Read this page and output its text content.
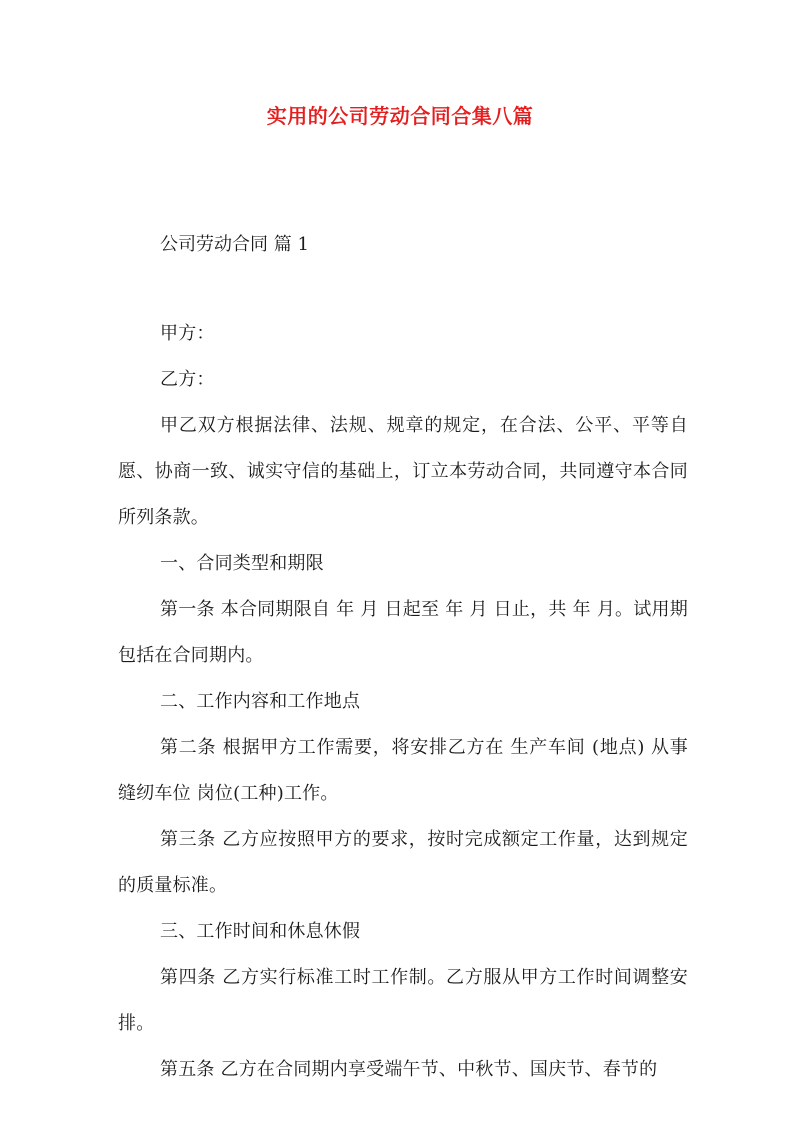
实用的公司劳动合同合集八篇
公司劳动合同 篇 1

甲方：

乙方：

甲乙双方根据法律、法规、规章的规定，在合法、公平、平等自愿、协商一致、诚实守信的基础上，订立本劳动合同，共同遵守本合同所列条款。

一、合同类型和期限

第一条 本合同期限自 年 月 日起至 年 月 日止，共 年 月。试用期包括在合同期内。

二、工作内容和工作地点

第二条 根据甲方工作需要，将安排乙方在 生产车间 (地点) 从事缝纫车位 岗位(工种)工作。

第三条 乙方应按照甲方的要求，按时完成额定工作量，达到规定的质量标准。

三、工作时间和休息休假

第四条 乙方实行标准工时工作制。乙方服从甲方工作时间调整安排。

第五条 乙方在合同期内享受端午节、中秋节、国庆节、春节的
